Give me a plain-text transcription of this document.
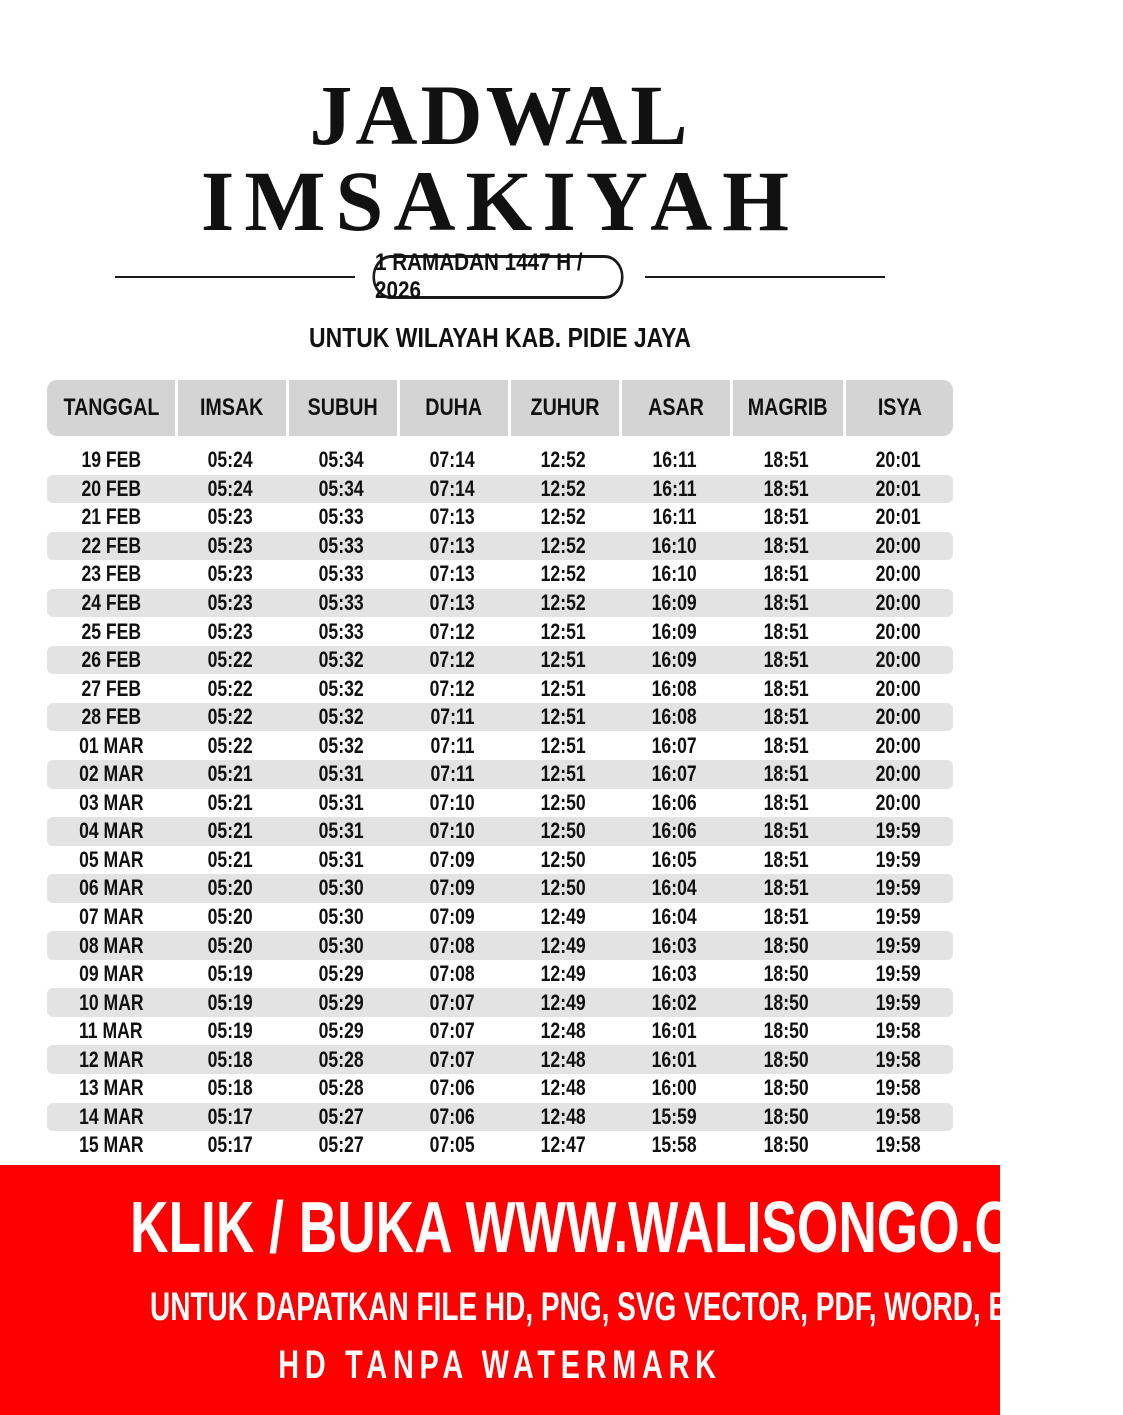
JADWAL
IMSAKIYAH
1 RAMADAN 1447 H / 2026
UNTUK WILAYAH KAB. PIDIE JAYA
TANGGAL IMSAK SUBUH DUHA ZUHUR ASAR MAGRIB ISYA
19 FEB	05:24	05:34	07:14	12:52	16:11	18:51	20:01
20 FEB	05:24	05:34	07:14	12:52	16:11	18:51	20:01
21 FEB	05:23	05:33	07:13	12:52	16:11	18:51	20:01
22 FEB	05:23	05:33	07:13	12:52	16:10	18:51	20:00
23 FEB	05:23	05:33	07:13	12:52	16:10	18:51	20:00
24 FEB	05:23	05:33	07:13	12:52	16:09	18:51	20:00
25 FEB	05:23	05:33	07:12	12:51	16:09	18:51	20:00
26 FEB	05:22	05:32	07:12	12:51	16:09	18:51	20:00
27 FEB	05:22	05:32	07:12	12:51	16:08	18:51	20:00
28 FEB	05:22	05:32	07:11	12:51	16:08	18:51	20:00
01 MAR	05:22	05:32	07:11	12:51	16:07	18:51	20:00
02 MAR	05:21	05:31	07:11	12:51	16:07	18:51	20:00
03 MAR	05:21	05:31	07:10	12:50	16:06	18:51	20:00
04 MAR	05:21	05:31	07:10	12:50	16:06	18:51	19:59
05 MAR	05:21	05:31	07:09	12:50	16:05	18:51	19:59
06 MAR	05:20	05:30	07:09	12:50	16:04	18:51	19:59
07 MAR	05:20	05:30	07:09	12:49	16:04	18:51	19:59
08 MAR	05:20	05:30	07:08	12:49	16:03	18:50	19:59
09 MAR	05:19	05:29	07:08	12:49	16:03	18:50	19:59
10 MAR	05:19	05:29	07:07	12:49	16:02	18:50	19:59
11 MAR	05:19	05:29	07:07	12:48	16:01	18:50	19:58
12 MAR	05:18	05:28	07:07	12:48	16:01	18:50	19:58
13 MAR	05:18	05:28	07:06	12:48	16:00	18:50	19:58
14 MAR	05:17	05:27	07:06	12:48	15:59	18:50	19:58
15 MAR	05:17	05:27	07:05	12:47	15:58	18:50	19:58

KLIK / BUKA WWW.WALISONGO.CO.ID

UNTUK DAPATKAN FILE HD, PNG, SVG VECTOR, PDF, WORD, EXCEL

HD TANPA WATERMARK
